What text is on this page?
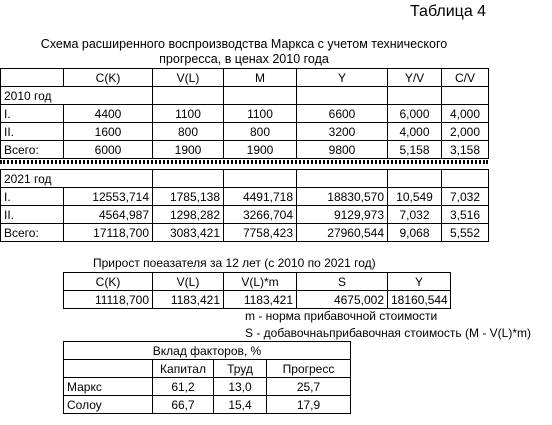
Таблица 4
Схема расширенного воспроизводства Маркса с учетом технического
прогресса, в ценах 2010 года
	C(K)	V(L)	M	Y	Y/V	C/V
2010 год						
I.	4400	1100	1100	6600	6,000	4,000
II.	1600	800	800	3200	4,000	2,000
Всего:	6000	1900	1900	9800	5,158	3,158
2021 год						
I.	12553,714	1785,138	4491,718	18830,570	10,549	7,032
II.	4564,987	1298,282	3266,704	9129,973	7,032	3,516
Всего:	17118,700	3083,421	7758,423	27960,544	9,068	5,552
Прирост поеазателя за 12 лет (с 2010 по 2021 год)
C(K)	V(L)	V(L)*m	S	Y
11118,700	1183,421	1183,421	4675,002	18160,544
m - норма прибавочной стоимости
S - добавочнаьприбавочная стоимость (M - V(L)*m)
Вклад факторов, %			
	Капитал	Труд	Прогресс
Маркс	61,2	13,0	25,7
Солоу	66,7	15,4	17,9
